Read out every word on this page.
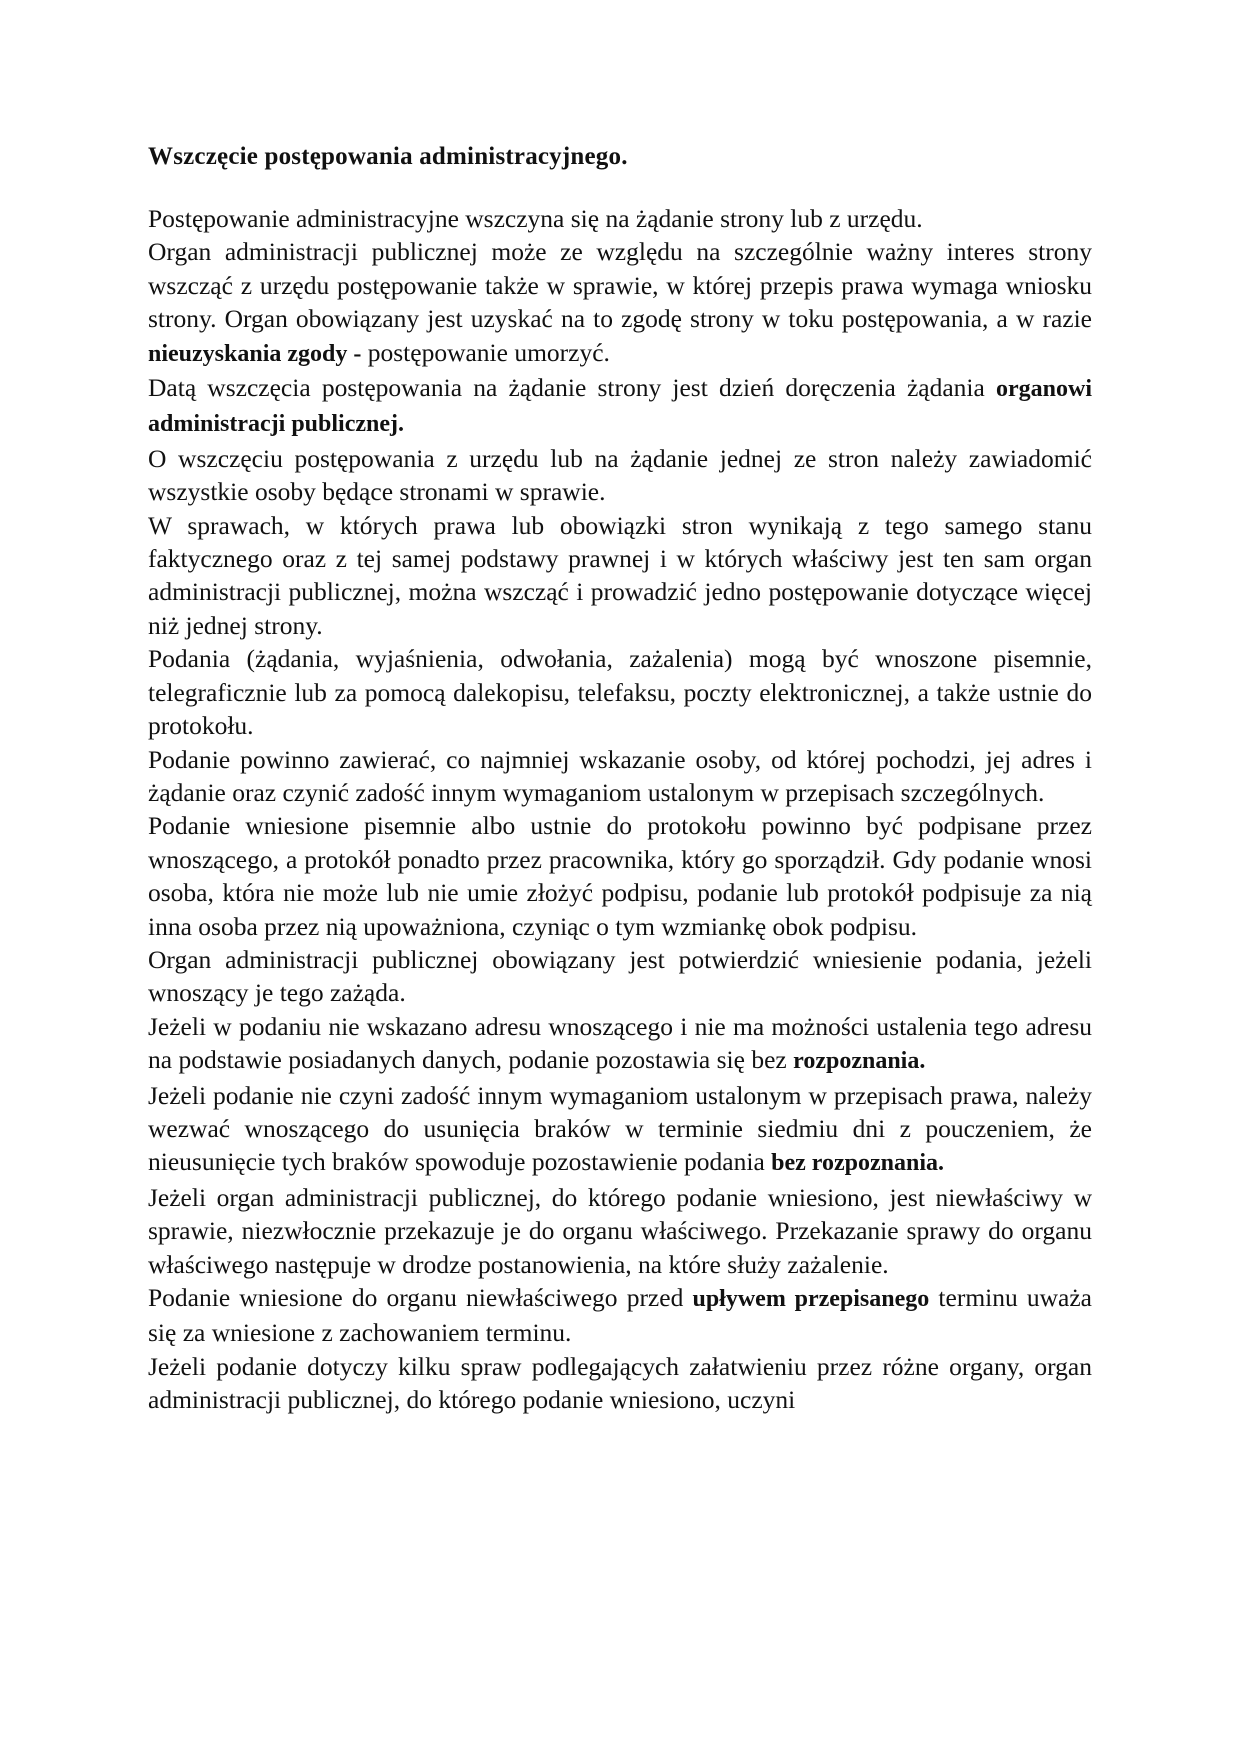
Wszczęcie postępowania administracyjnego.

Postępowanie administracyjne wszczyna się na żądanie strony lub z urzędu.

Organ administracji publicznej może ze względu na szczególnie ważny interes strony wszcząć z urzędu postępowanie także w sprawie, w której przepis prawa wymaga wniosku strony. Organ obowiązany jest uzyskać na to zgodę strony w toku postępowania, a w razie nieuzyskania zgody - postępowanie umorzyć.

Datą wszczęcia postępowania na żądanie strony jest dzień doręczenia żądania organowi administracji publicznej.

O wszczęciu postępowania z urzędu lub na żądanie jednej ze stron należy zawiadomić wszystkie osoby będące stronami w sprawie.

W sprawach, w których prawa lub obowiązki stron wynikają z tego samego stanu faktycznego oraz z tej samej podstawy prawnej i w których właściwy jest ten sam organ administracji publicznej, można wszcząć i prowadzić jedno postępowanie dotyczące więcej niż jednej strony.

Podania (żądania, wyjaśnienia, odwołania, zażalenia) mogą być wnoszone pisemnie, telegraficznie lub za pomocą dalekopisu, telefaksu, poczty elektronicznej, a także ustnie do protokołu.

Podanie powinno zawierać, co najmniej wskazanie osoby, od której pochodzi, jej adres i żądanie oraz czynić zadość innym wymaganiom ustalonym w przepisach szczególnych.

Podanie wniesione pisemnie albo ustnie do protokołu powinno być podpisane przez wnoszącego, a protokół ponadto przez pracownika, który go sporządził. Gdy podanie wnosi osoba, która nie może lub nie umie złożyć podpisu, podanie lub protokół podpisuje za nią inna osoba przez nią upoważniona, czyniąc o tym wzmiankę obok podpisu.

Organ administracji publicznej obowiązany jest potwierdzić wniesienie podania, jeżeli wnoszący je tego zażąda.

Jeżeli w podaniu nie wskazano adresu wnoszącego i nie ma możności ustalenia tego adresu na podstawie posiadanych danych, podanie pozostawia się bez rozpoznania.

Jeżeli podanie nie czyni zadość innym wymaganiom ustalonym w przepisach prawa, należy wezwać wnoszącego do usunięcia braków w terminie siedmiu dni z pouczeniem, że nieusunięcie tych braków spowoduje pozostawienie podania bez rozpoznania.

Jeżeli organ administracji publicznej, do którego podanie wniesiono, jest niewłaściwy w sprawie, niezwłocznie przekazuje je do organu właściwego. Przekazanie sprawy do organu właściwego następuje w drodze postanowienia, na które służy zażalenie.

Podanie wniesione do organu niewłaściwego przed upływem przepisanego terminu uważa się za wniesione z zachowaniem terminu.

Jeżeli podanie dotyczy kilku spraw podlegających załatwieniu przez różne organy, organ administracji publicznej, do którego podanie wniesiono, uczyni
